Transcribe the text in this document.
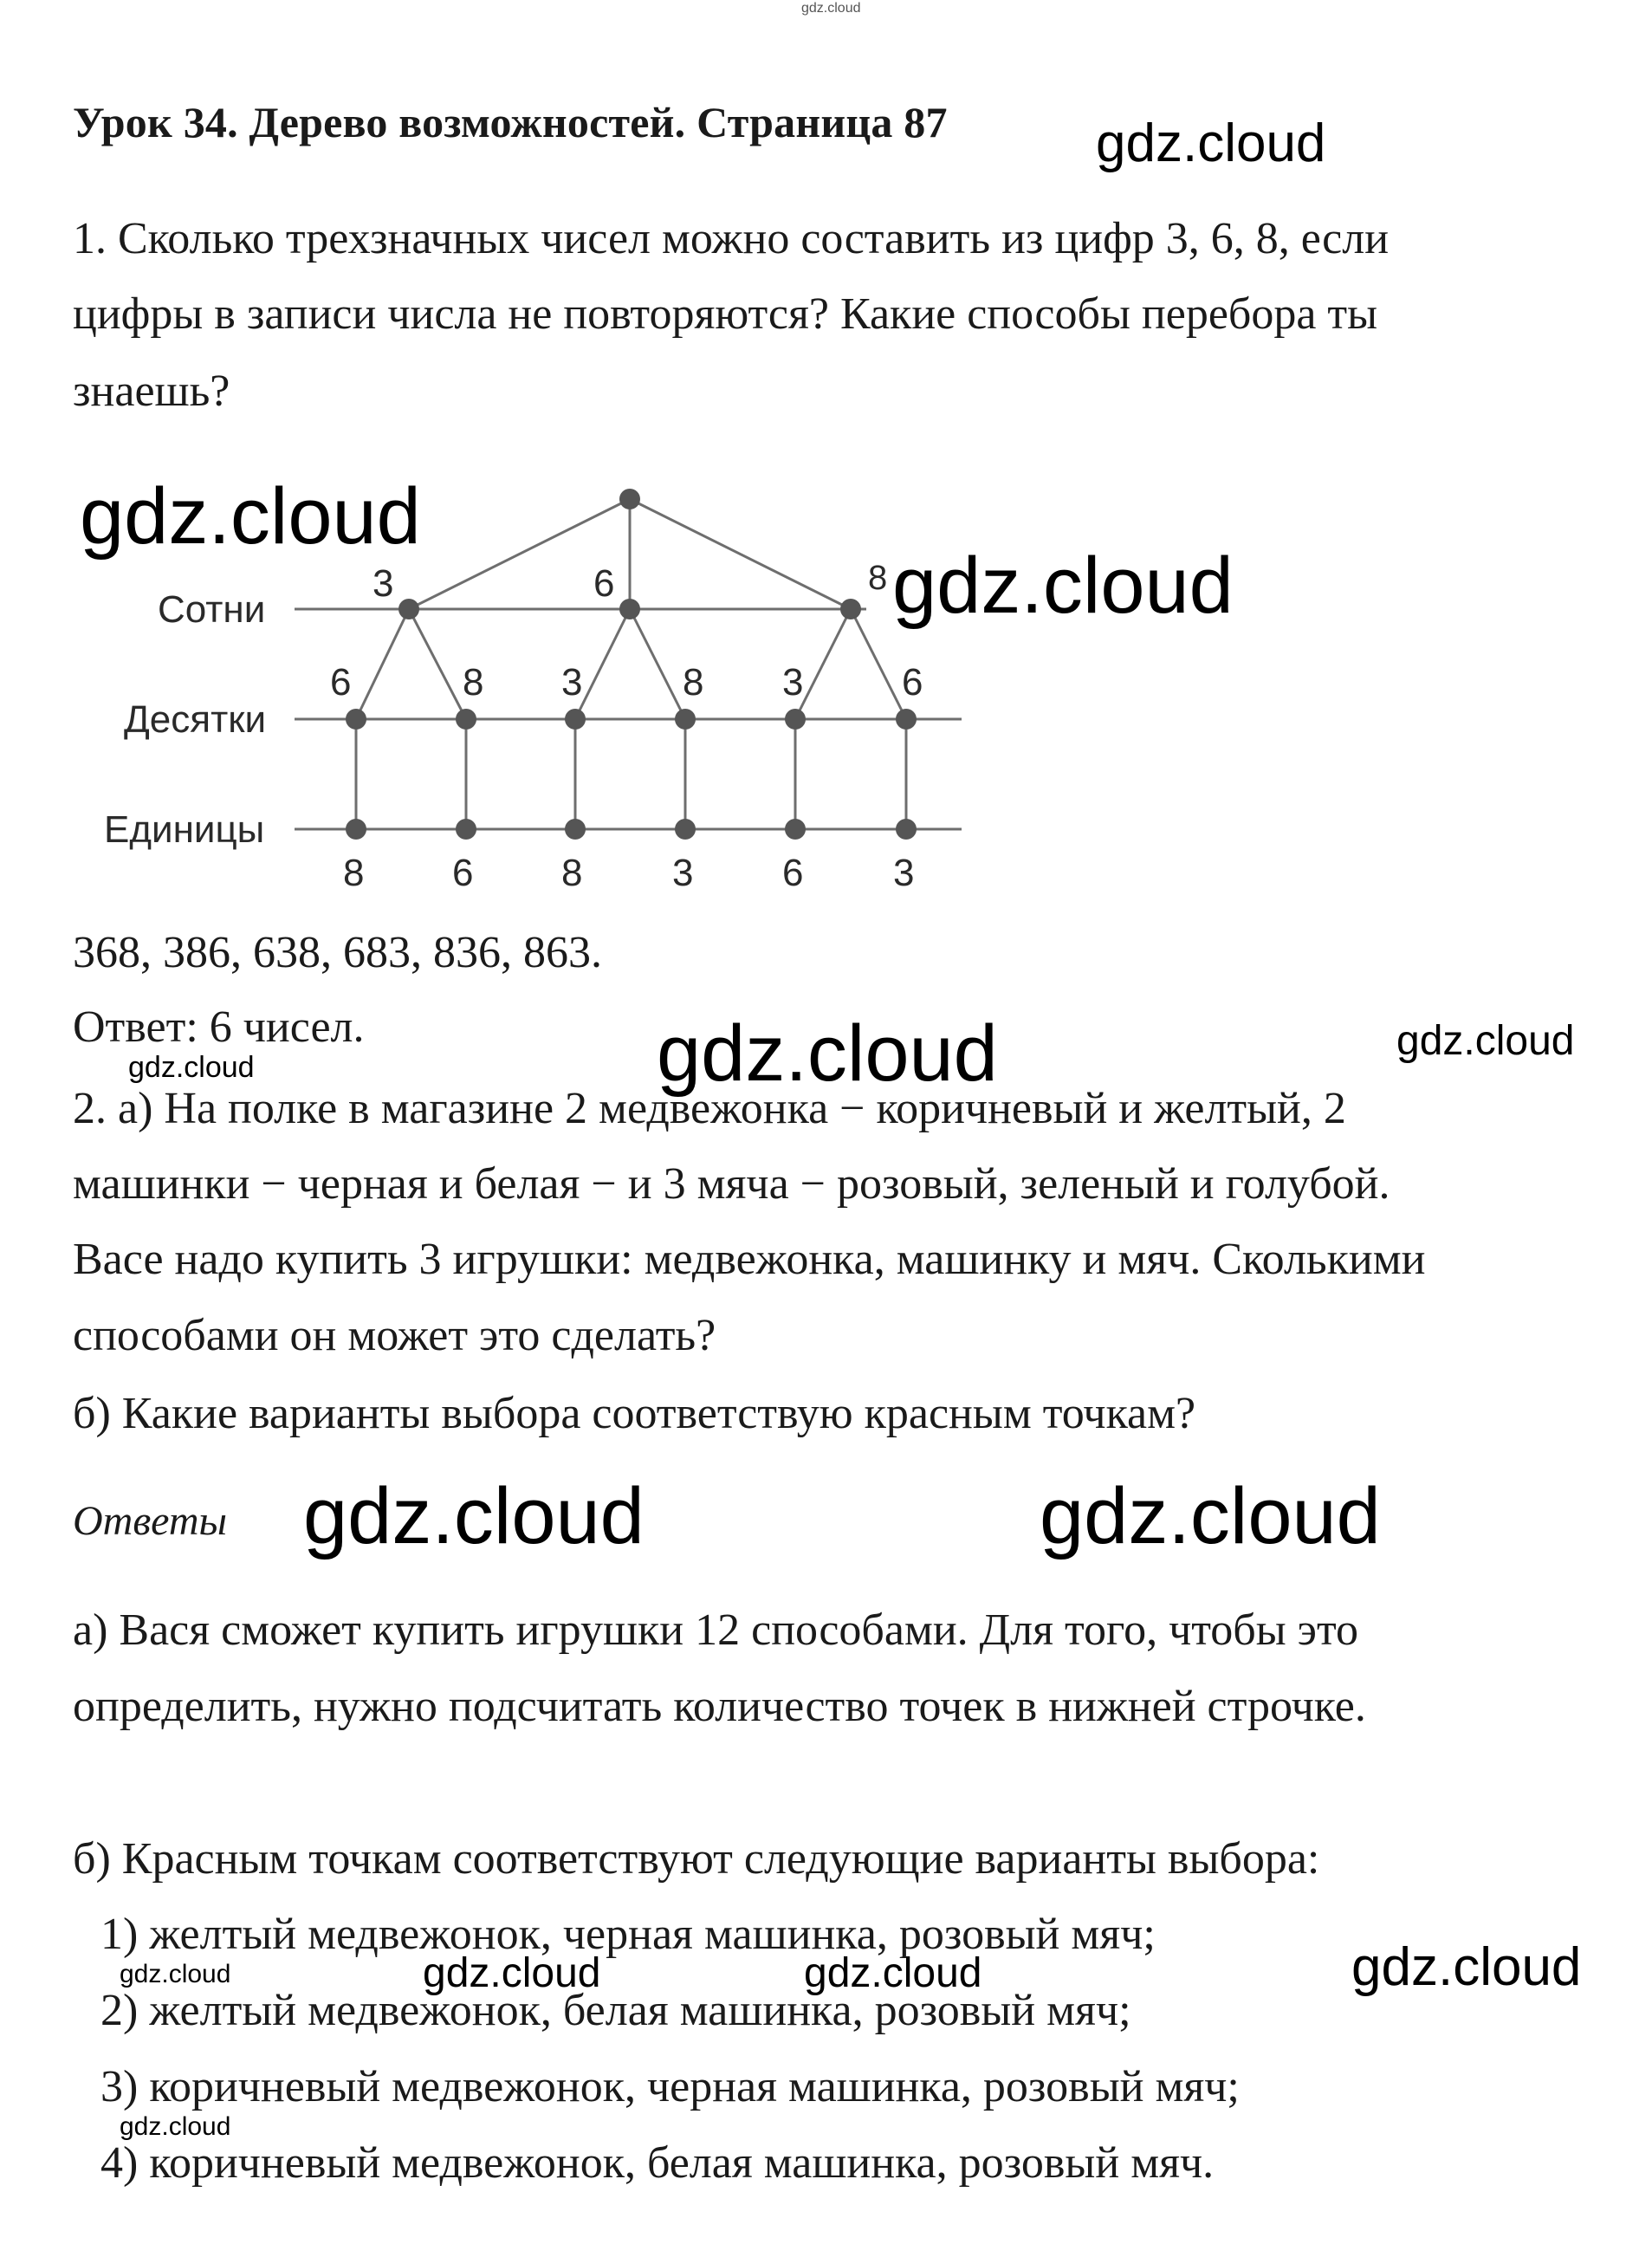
gdz.cloud
Урок 34. Дерево возможностей. Страница 87	gdz.cloud
1. Сколько трехзначных чисел можно составить из цифр 3, 6, 8, если
цифры в записи числа не повторяются? Какие способы перебора ты
знаешь?
Сотни
Десятки
Единицы
3	6	8
6	8 3	8 3	6
8 6 8 3 6 3
gdz.cloud
gdz.cloud
368, 386, 638, 683, 836, 863.
Ответ: 6 чисел.
gdz.cloud	gdz.cloud	gdz.cloud
2. а) На полке в магазине 2 медвежонка − коричневый и желтый, 2
машинки − черная и белая − и 3 мяча − розовый, зеленый и голубой.
Васе надо купить 3 игрушки: медвежонка, машинку и мяч. Сколькими
способами он может это сделать?
б) Какие варианты выбора соответствую красным точкам?
Ответы gdz.cloud	gdz.cloud
а) Вася сможет купить игрушки 12 способами. Для того, чтобы это
определить, нужно подсчитать количество точек в нижней строчке.
б) Красным точкам соответствуют следующие варианты выбора:
1) желтый медвежонок, черная машинка, розовый мяч;
gdz.cloud	gdz.cloud	gdz.cloud	gdz.cloud
2) желтый медвежонок, белая машинка, розовый мяч;
3) коричневый медвежонок, черная машинка, розовый мяч;
gdz.cloud
4) коричневый медвежонок, белая машинка, розовый мяч.
